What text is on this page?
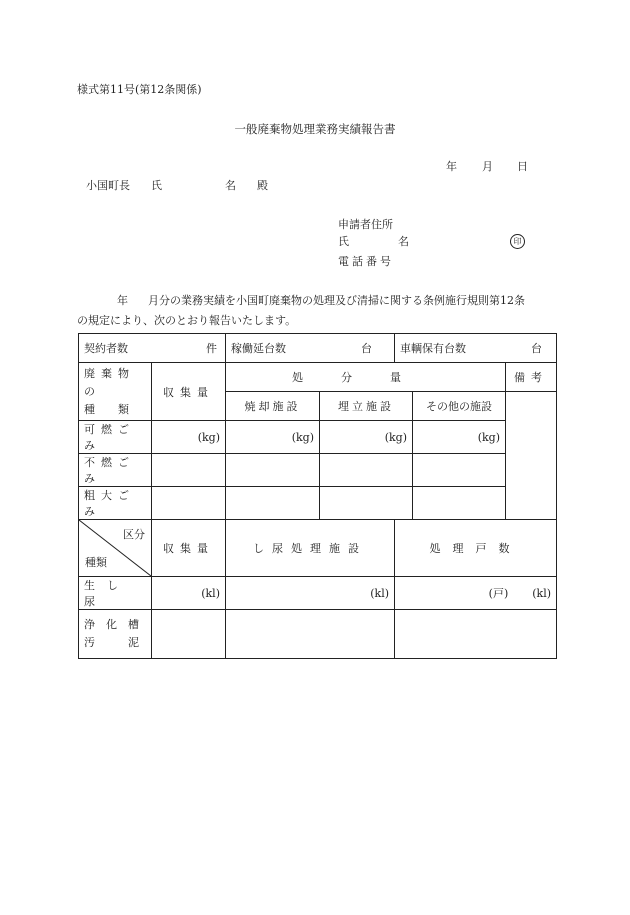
様式第11号(第12条関係)
一般廃棄物処理業務実績報告書
年 月 日
小国町長 氏	名 殿
申請者住所
氏	名	印
電話番号
年 月分の業務実績を小国町廃棄物の処理及び清掃に関する条例施行規則第12条
の規定により、次のとおり報告いたします。
契約者数 件		稼働延台数 台		車輌保有台数 台		

廃棄物の
種　類	収集量	処分量				備考
		焼却施設	埋立施設		その他の施設	
可燃ごみ	(kg)	(kg)	(kg)		(kg)	
不燃ごみ						
粗大ごみ						

区分
種類	収集量	し尿処理施設		処理戸数		
生し尿	(kl)	(kl)		(戸) (kl)		

浄　化　槽
汚　　　泥						
